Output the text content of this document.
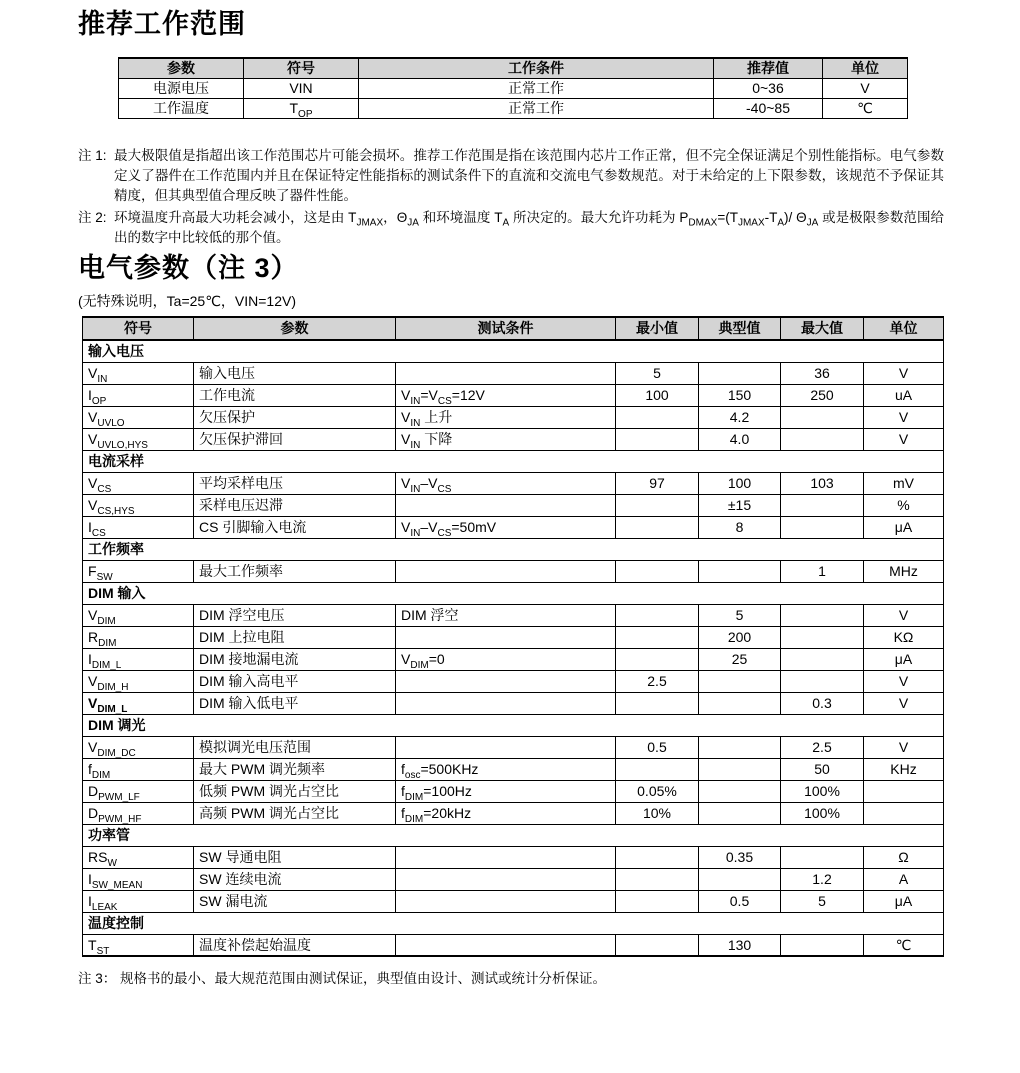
推荐工作范围
参数	符号	工作条件	推荐值	单位
电源电压	VIN	正常工作	0~36	V
工作温度	$T_{OP}$	正常工作	-40~85	℃
注 1: 最大极限值是指超出该工作范围芯片可能会损坏。推荐工作范围是指在该范围内芯片工作正常，但不完全保证满足个别性能指标。电气参数定义了器件在工作范围内并且在保证特定性能指标的测试条件下的直流和交流电气参数规范。对于未给定的上下限参数，该规范不予保证其精度，但其典型值合理反映了器件性能。
注 2: 环境温度升高最大功耗会减小，这是由 $T_{JMAX}$，$\Theta_{JA}$ 和环境温度 $T_A$ 所决定的。最大允许功耗为 $P_{DMAX}=(T_{JMAX}-T_A)/$ $\Theta_{JA}$ 或是极限参数范围给出的数字中比较低的那个值。
电气参数（注 3）
(无特殊说明，Ta=25℃，VIN=12V)
符号	参数	测试条件	最小值	典型值	最大值	单位
输入电压						
$V_{IN}$	输入电压		5		36	V
$I_{OP}$	工作电流	$V_{IN}=V_{CS}=12V$	100	150	250	uA
$V_{UVLO}$	欠压保护	$V_{IN}$ 上升		4.2		V
$V_{UVLO,HYS}$	欠压保护滞回	$V_{IN}$ 下降		4.0		V
电流采样						
$V_{CS}$	平均采样电压	$V_{IN}-V_{CS}$	97	100	103	mV
$V_{CS,HYS}$	采样电压迟滞			±15		%
$I_{CS}$	CS 引脚输入电流	$V_{IN}-V_{CS}=50mV$		8		μA
工作频率						
$F_{SW}$	最大工作频率				1	MHz
DIM 输入						
$V_{DIM}$	DIM 浮空电压	DIM 浮空		5		V
$R_{DIM}$	DIM 上拉电阻			200		KΩ
$I_{DIM\_L}$	DIM 接地漏电流	$V_{DIM}=0$		25		μA
$V_{DIM\_H}$	DIM 输入高电平		2.5			V
$V_{DIM\_L}$	DIM 输入低电平				0.3	V
DIM 调光						
$V_{DIM\_DC}$	模拟调光电压范围		0.5		2.5	V
$f_{DIM}$	最大 PWM 调光频率	$f_{osc}=500KHz$			50	KHz
$D_{PWM\_LF}$	低频 PWM 调光占空比	$f_{DIM}=100Hz$	0.05%		100%	
$D_{PWM\_HF}$	高频 PWM 调光占空比	$f_{DIM}=20kHz$	10%		100%	
功率管						
$RS_W$	SW 导通电阻			0.35		Ω
$I_{SW\_MEAN}$	SW 连续电流				1.2	A
$I_{LEAK}$	SW 漏电流			0.5	5	μA
温度控制						
$T_{ST}$	温度补偿起始温度			130		℃
注 3： 规格书的最小、最大规范范围由测试保证，典型值由设计、测试或统计分析保证。
